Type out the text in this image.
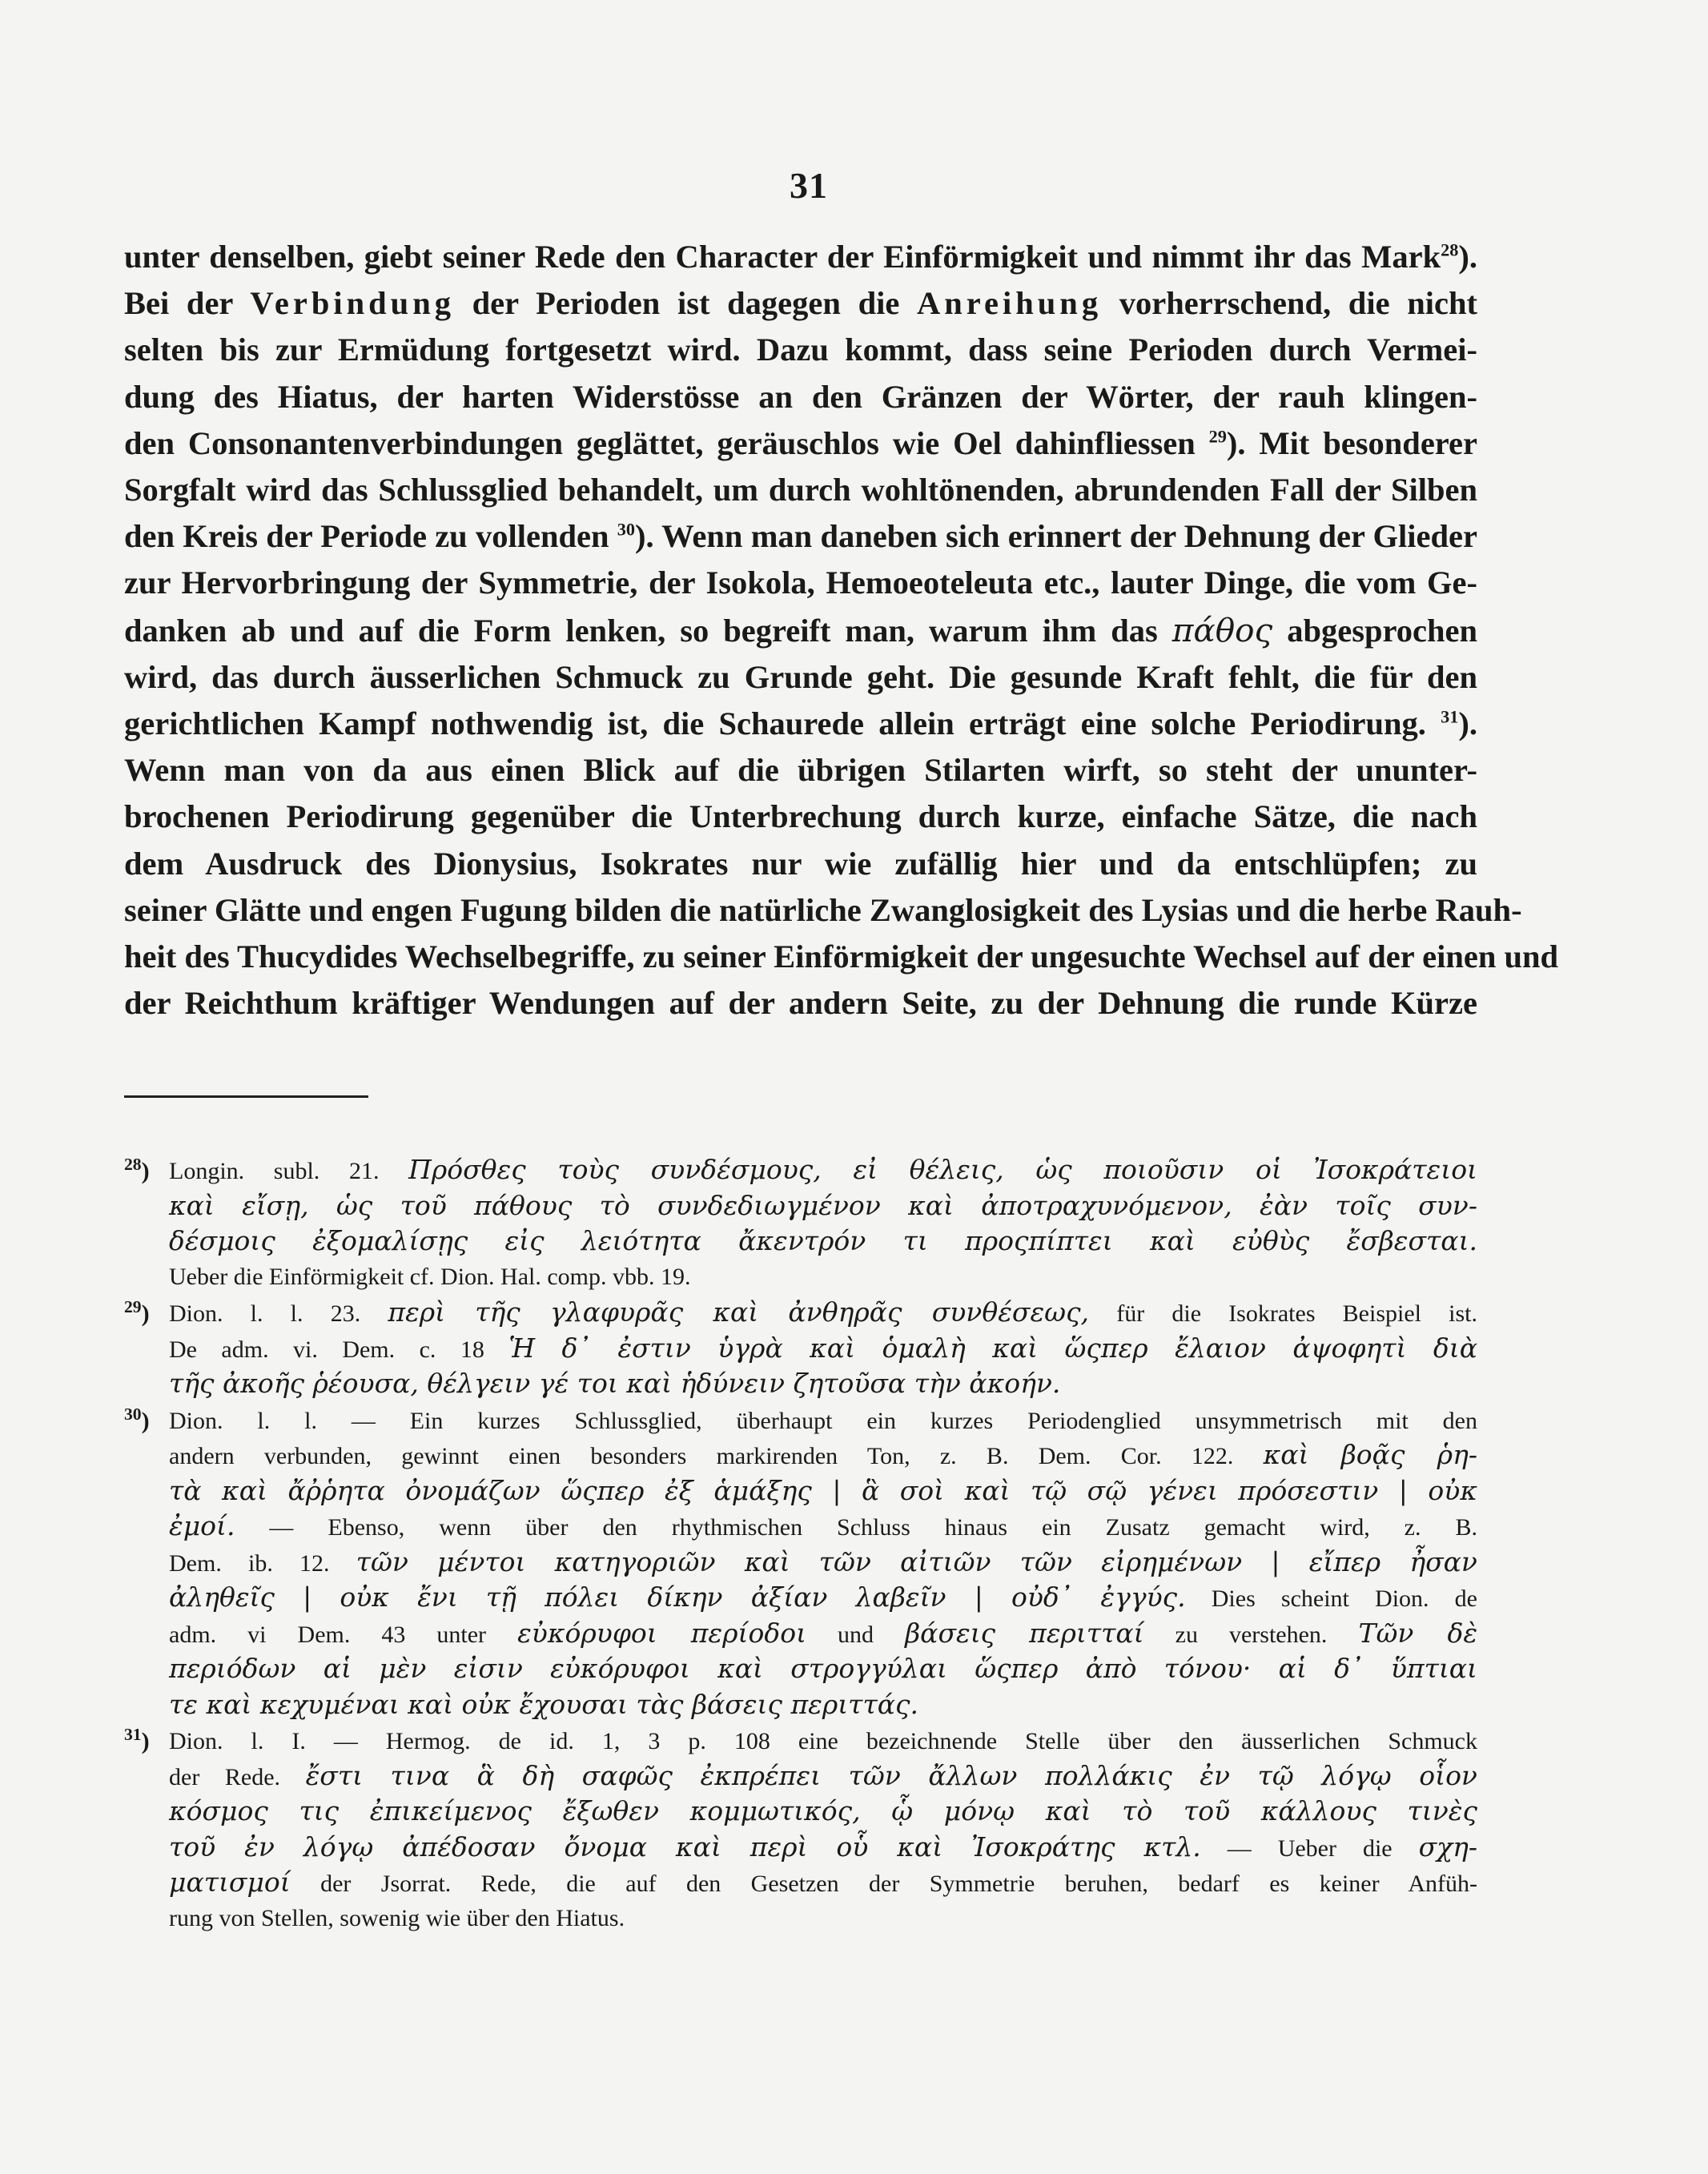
31
unter denselben, giebt seiner Rede den Character der Einförmigkeit und nimmt ihr das Mark$^{28}$).
Bei der Verbindung der Perioden ist dagegen die Anreihung vorherrschend, die nicht
selten bis zur Ermüdung fortgesetzt wird. Dazu kommt, dass seine Perioden durch Vermei-
dung des Hiatus, der harten Widerstösse an den Gränzen der Wörter, der rauh klingen-
den Consonantenverbindungen geglättet, geräuschlos wie Oel dahinfliessen $^{29}$). Mit besonderer
Sorgfalt wird das Schlussglied behandelt, um durch wohltönenden, abrundenden Fall der Silben
den Kreis der Periode zu vollenden $^{30}$). Wenn man daneben sich erinnert der Dehnung der Glieder
zur Hervorbringung der Symmetrie, der Isokola, Hemoeoteleuta etc., lauter Dinge, die vom Ge-
danken ab und auf die Form lenken, so begreift man, warum ihm das πάθος abgesprochen
wird, das durch äusserlichen Schmuck zu Grunde geht. Die gesunde Kraft fehlt, die für den
gerichtlichen Kampf nothwendig ist, die Schaurede allein erträgt eine solche Periodirung. $^{31}$).
Wenn man von da aus einen Blick auf die übrigen Stilarten wirft, so steht der ununter-
brochenen Periodirung gegenüber die Unterbrechung durch kurze, einfache Sätze, die nach
dem Ausdruck des Dionysius, Isokrates nur wie zufällig hier und da entschlüpfen; zu
seiner Glätte und engen Fugung bilden die natürliche Zwanglosigkeit des Lysias und die herbe Rauh-
heit des Thucydides Wechselbegriffe, zu seiner Einförmigkeit der ungesuchte Wechsel auf der einen und
der Reichthum kräftiger Wendungen auf der andern Seite, zu der Dehnung die runde Kürze
$^{28}$) Longin. subl. 21. Πρόσθες τοὺς συνδέσμους, εἰ θέλεις, ὡς ποιοῦσιν οἱ Ἰσοκράτειοι
καὶ εἴσῃ, ὡς τοῦ πάθους τὸ συνδεδιωγμένον καὶ ἀποτραχυνόμενον, ἐὰν τοῖς συν-
δέσμοις ἐξομαλίσῃς εἰς λειότητα ἄκεντρόν τι προςπίπτει καὶ εὐθὺς ἔσβεσται.
Ueber die Einförmigkeit cf. Dion. Hal. comp. vbb. 19.
$^{29}$) Dion. l. l. 23. περὶ τῆς γλαφυρᾶς καὶ ἀνθηρᾶς συνθέσεως, für die Isokrates Beispiel ist.
De adm. vi. Dem. c. 18 Ἡ δ᾽ ἐστιν ὑγρὰ καὶ ὁμαλὴ καὶ ὥςπερ ἔλαιον ἀψοφητὶ διὰ
τῆς ἀκοῆς ῥέουσα, θέλγειν γέ τοι καὶ ἡδύνειν ζητοῦσα τὴν ἀκοήν.
$^{30}$) Dion. l. l. — Ein kurzes Schlussglied, überhaupt ein kurzes Periodenglied unsymmetrisch mit den
andern verbunden, gewinnt einen besonders markirenden Ton, z. B. Dem. Cor. 122. καὶ βοᾷς ῥη-
τὰ καὶ ἄῤῥητα ὀνομάζων ὥςπερ ἐξ ἁμάξης | ἃ σοὶ καὶ τῷ σῷ γένει πρόσεστιν | οὐκ
ἐμοί. — Ebenso, wenn über den rhythmischen Schluss hinaus ein Zusatz gemacht wird, z. B.
Dem. ib. 12. τῶν μέντοι κατηγοριῶν καὶ τῶν αἰτιῶν τῶν εἰρημένων | εἴπερ ἦσαν
ἀληθεῖς | οὐκ ἔνι τῇ πόλει δίκην ἀξίαν λαβεῖν | οὐδ᾽ ἐγγύς. Dies scheint Dion. de
adm. vi Dem. 43 unter εὐκόρυφοι περίοδοι und βάσεις περιτταί zu verstehen. Τῶν δὲ
περιόδων αἱ μὲν εἰσιν εὐκόρυφοι καὶ στρογγύλαι ὥςπερ ἀπὸ τόνου· αἱ δ᾽ ὕπτιαι
τε καὶ κεχυμέναι καὶ οὐκ ἔχουσαι τὰς βάσεις περιττάς.
$^{31}$) Dion. l. I. — Hermog. de id. 1, 3 p. 108 eine bezeichnende Stelle über den äusserlichen Schmuck
der Rede. ἔστι τινα ἃ δὴ σαφῶς ἐκπρέπει τῶν ἄλλων πολλάκις ἐν τῷ λόγῳ οἷον
κόσμος τις ἐπικείμενος ἔξωθεν κομμωτικός, ᾧ μόνῳ καὶ τὸ τοῦ κάλλους τινὲς
τοῦ ἐν λόγῳ ἀπέδοσαν ὄνομα καὶ περὶ οὗ καὶ Ἰσοκράτης κτλ. — Ueber die σχη-
ματισμοί der Jsorrat. Rede, die auf den Gesetzen der Symmetrie beruhen, bedarf es keiner Anfüh-
rung von Stellen, sowenig wie über den Hiatus.
